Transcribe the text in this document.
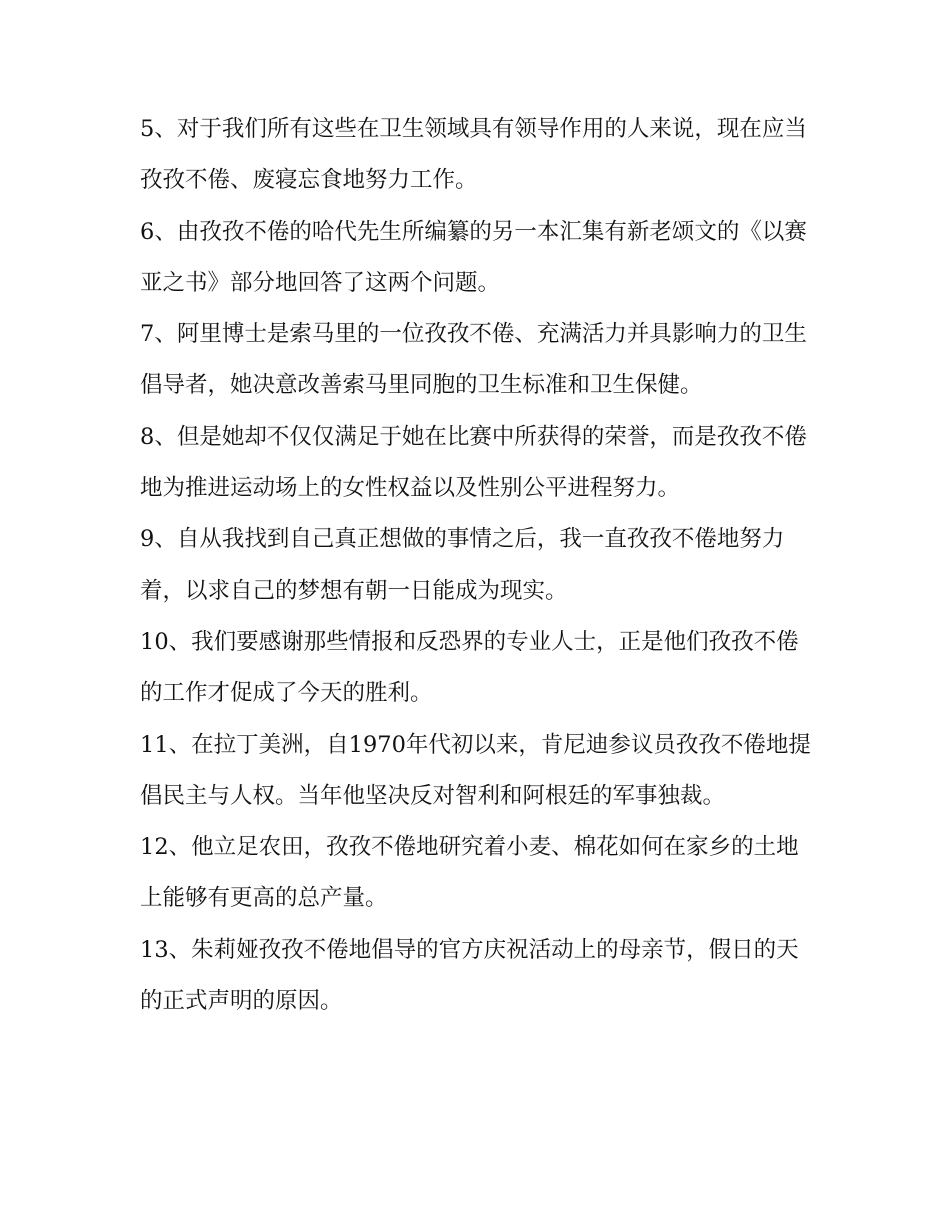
5、对于我们所有这些在卫生领域具有领导作用的人来说，现在应当孜孜不倦、废寝忘食地努力工作。

6、由孜孜不倦的哈代先生所编纂的另一本汇集有新老颂文的《以赛亚之书》部分地回答了这两个问题。

7、阿里博士是索马里的一位孜孜不倦、充满活力并具影响力的卫生倡导者，她决意改善索马里同胞的卫生标准和卫生保健。

8、但是她却不仅仅满足于她在比赛中所获得的荣誉，而是孜孜不倦地为推进运动场上的女性权益以及性别公平进程努力。

9、自从我找到自己真正想做的事情之后，我一直孜孜不倦地努力着，以求自己的梦想有朝一日能成为现实。

10、我们要感谢那些情报和反恐界的专业人士，正是他们孜孜不倦的工作才促成了今天的胜利。

11、在拉丁美洲，自1970年代初以来，肯尼迪参议员孜孜不倦地提倡民主与人权。当年他坚决反对智利和阿根廷的军事独裁。

12、他立足农田，孜孜不倦地研究着小麦、棉花如何在家乡的土地上能够有更高的总产量。

13、朱莉娅孜孜不倦地倡导的官方庆祝活动上的母亲节，假日的天的正式声明的原因。
